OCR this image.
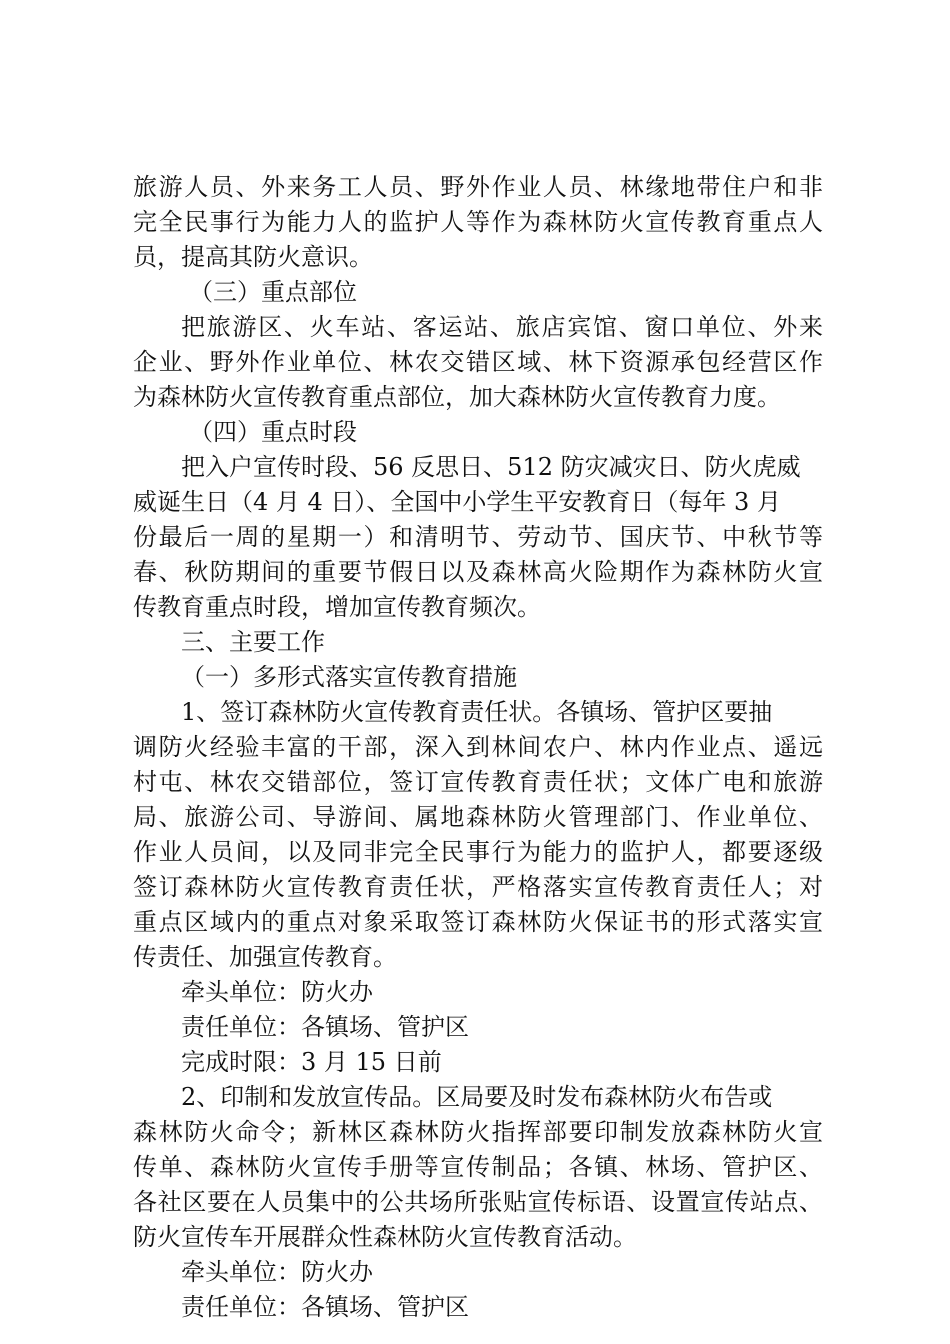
旅游人员、外来务工人员、野外作业人员、林缘地带住户和非
完全民事行为能力人的监护人等作为森林防火宣传教育重点人
员，提高其防火意识。
（三）重点部位
把旅游区、火车站、客运站、旅店宾馆、窗口单位、外来
企业、野外作业单位、林农交错区域、林下资源承包经营区作
为森林防火宣传教育重点部位，加大森林防火宣传教育力度。
（四）重点时段
把入户宣传时段、56 反思日、512 防灾减灾日、防火虎威
威诞生日（4 月 4 日）、全国中小学生平安教育日（每年 3 月
份最后一周的星期一）和清明节、劳动节、国庆节、中秋节等
春、秋防期间的重要节假日以及森林高火险期作为森林防火宣
传教育重点时段，增加宣传教育频次。
三、主要工作
（一）多形式落实宣传教育措施
1、签订森林防火宣传教育责任状。各镇场、管护区要抽
调防火经验丰富的干部，深入到林间农户、林内作业点、遥远
村屯、林农交错部位，签订宣传教育责任状；文体广电和旅游
局、旅游公司、导游间、属地森林防火管理部门、作业单位、
作业人员间，以及同非完全民事行为能力的监护人，都要逐级
签订森林防火宣传教育责任状，严格落实宣传教育责任人；对
重点区域内的重点对象采取签订森林防火保证书的形式落实宣
传责任、加强宣传教育。
牵头单位：防火办
责任单位：各镇场、管护区
完成时限：3 月 15 日前
2、印制和发放宣传品。区局要及时发布森林防火布告或
森林防火命令；新林区森林防火指挥部要印制发放森林防火宣
传单、森林防火宣传手册等宣传制品；各镇、林场、管护区、
各社区要在人员集中的公共场所张贴宣传标语、设置宣传站点、
防火宣传车开展群众性森林防火宣传教育活动。
牵头单位：防火办
责任单位：各镇场、管护区
